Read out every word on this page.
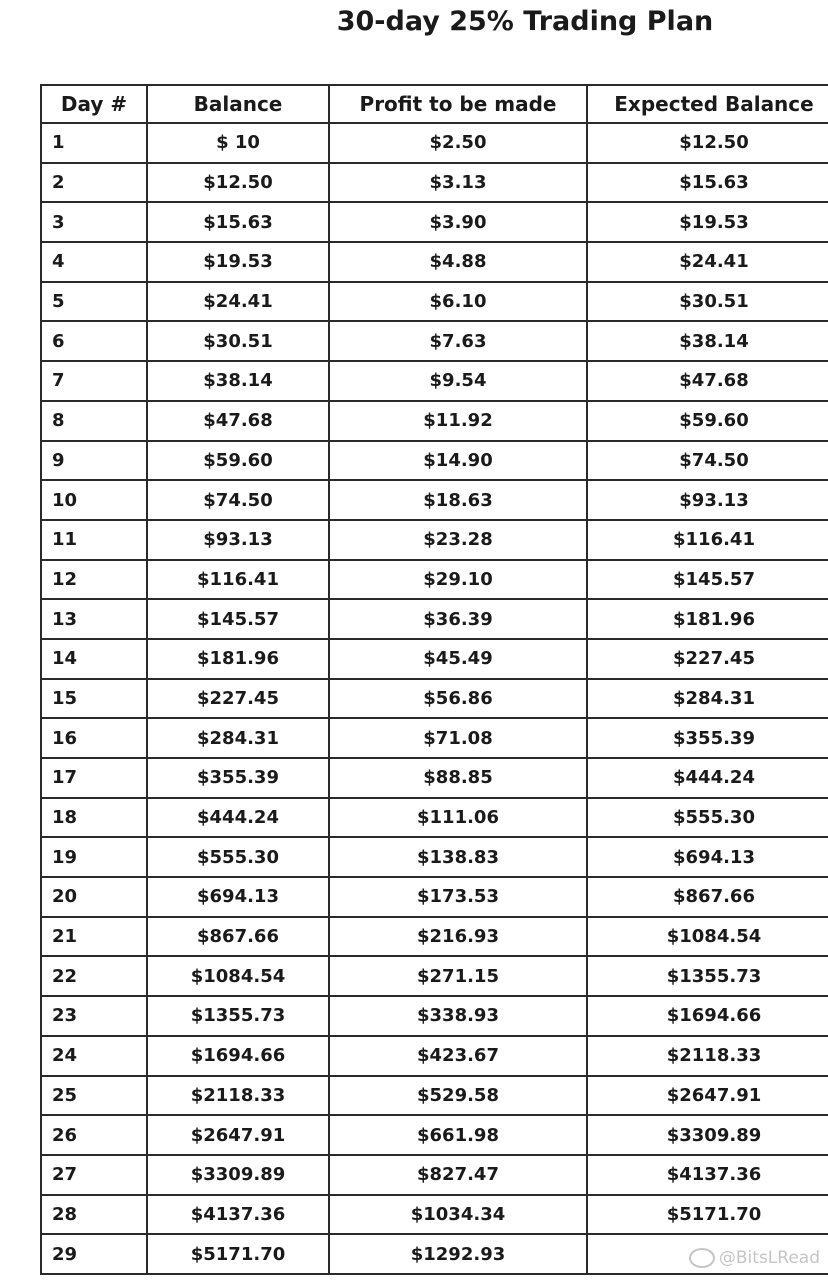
30-day 25% Trading Plan
Day #	Balance	Profit to be made	Expected Balance
1	$ 10	$2.50	$12.50
2	$12.50	$3.13	$15.63
3	$15.63	$3.90	$19.53
4	$19.53	$4.88	$24.41
5	$24.41	$6.10	$30.51
6	$30.51	$7.63	$38.14
7	$38.14	$9.54	$47.68
8	$47.68	$11.92	$59.60
9	$59.60	$14.90	$74.50
10	$74.50	$18.63	$93.13
11	$93.13	$23.28	$116.41
12	$116.41	$29.10	$145.57
13	$145.57	$36.39	$181.96
14	$181.96	$45.49	$227.45
15	$227.45	$56.86	$284.31
16	$284.31	$71.08	$355.39
17	$355.39	$88.85	$444.24
18	$444.24	$111.06	$555.30
19	$555.30	$138.83	$694.13
20	$694.13	$173.53	$867.66
21	$867.66	$216.93	$1084.54
22	$1084.54	$271.15	$1355.73
23	$1355.73	$338.93	$1694.66
24	$1694.66	$423.67	$2118.33
25	$2118.33	$529.58	$2647.91
26	$2647.91	$661.98	$3309.89
27	$3309.89	$827.47	$4137.36
28	$4137.36	$1034.34	$5171.70
29	$5171.70	$1292.93		@BitsLRead
